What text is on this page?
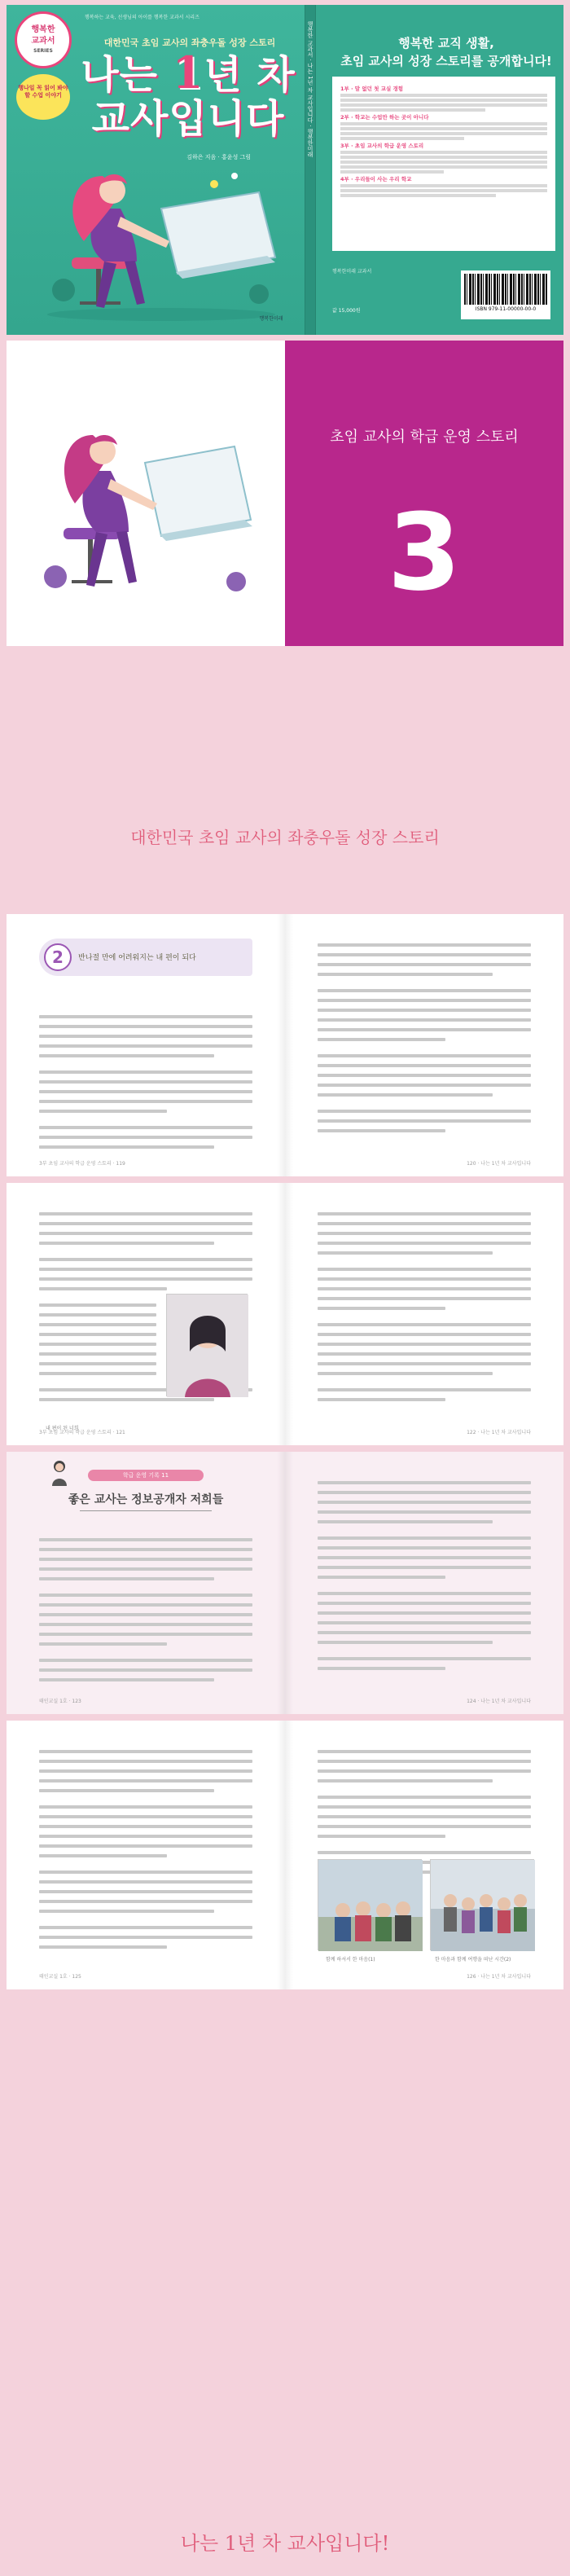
행복한
교과서
SERIES
행나일 꼭 읽어 봐야 할 수업 이야기
행복하는 교육, 선생님의 아이를 행복한 교과서 시리즈
대한민국 초임 교사의 좌충우돌 성장 스토리
나는 1년 차
교사입니다
김하은 지음 · 홍윤성 그림
행복한미래
행복한 교과서 · 나는 1년 차 교사입니다 · 행복한미래	행복한 교직 생활,
초임 교사의 성장 스토리를 공개합니다!
1부 · 말 없던 첫 교실 경험
2부 · 학교는 수업만 하는 곳이 아니다
3부 · 초임 교사의 학급 운영 스토리
4부 · 우리들이 사는 우리 학교
행복한미래 교과서
값 15,000원	ISBN 979-11-00000-00-0
초임 교사의 학급 운영 스토리
3
대한민국 초임 교사의 좌충우돌 성장 스토리
2	반나절 만에 어려워지는 내 편이 되다
3부 초임 교사의 학급 운영 스토리 · 119	120 · 나는 1년 차 교사입니다
내 편이 된 너희
3부 초임 교사의 학급 운영 스토리 · 121	122 · 나는 1년 차 교사입니다
학급 운영 기록 11
좋은 교사는 정보공개자 저희들
태인교실 1호 · 123	124 · 나는 1년 차 교사입니다
함께 하셔서 한 마음(1)	한 마음과 함께 여행을 떠난 시간(2)
태인교실 1호 · 125	126 · 나는 1년 차 교사입니다
나는 1년 차 교사입니다!
